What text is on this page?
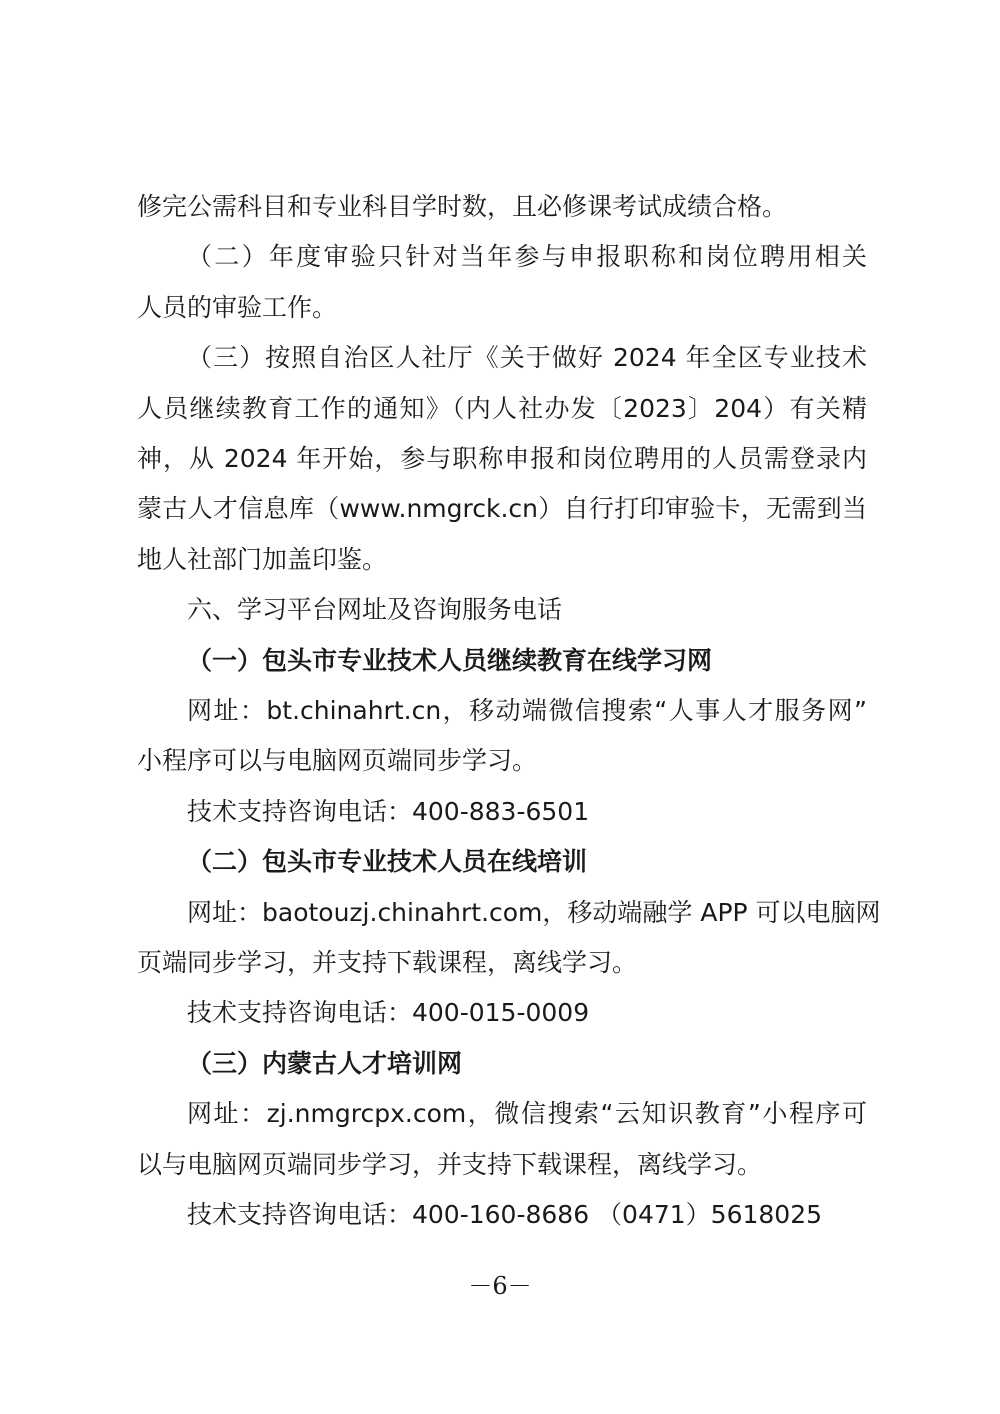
修完公需科目和专业科目学时数，且必修课考试成绩合格。
（二）年度审验只针对当年参与申报职称和岗位聘用相关
人员的审验工作。
（三）按照自治区人社厅《关于做好 2024 年全区专业技术
人员继续教育工作的通知》（内人社办发〔2023〕204）有关精
神，从 2024 年开始，参与职称申报和岗位聘用的人员需登录内
蒙古人才信息库（www.nmgrck.cn）自行打印审验卡，无需到当
地人社部门加盖印鉴。
六、学习平台网址及咨询服务电话
（一）包头市专业技术人员继续教育在线学习网
网址：bt.chinahrt.cn，移动端微信搜索“人事人才服务网”
小程序可以与电脑网页端同步学习。
技术支持咨询电话：400-883-6501
（二）包头市专业技术人员在线培训
网址：baotouzj.chinahrt.com，移动端融学 APP 可以电脑网
页端同步学习，并支持下载课程，离线学习。
技术支持咨询电话：400-015-0009
（三）内蒙古人才培训网
网址：zj.nmgrcpx.com，微信搜索“云知识教育”小程序可
以与电脑网页端同步学习，并支持下载课程，离线学习。
技术支持咨询电话：400-160-8686 （0471）5618025
－6－
